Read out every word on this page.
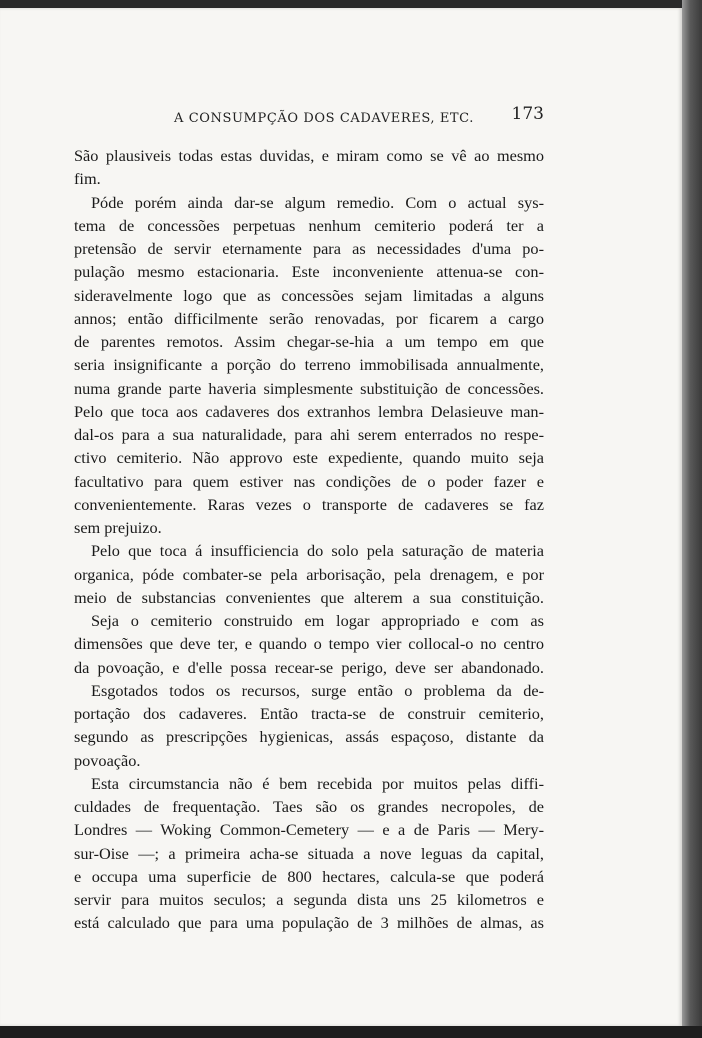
A CONSUMPÇÃO DOS CADAVERES, ETC. 173
São plausiveis todas estas duvidas, e miram como se vê ao mesmo
fim.
Póde porém ainda dar-se algum remedio. Com o actual sys-
tema de concessões perpetuas nenhum cemiterio poderá ter a
pretensão de servir eternamente para as necessidades d'uma po-
pulação mesmo estacionaria. Este inconveniente attenua-se con-
sideravelmente logo que as concessões sejam limitadas a alguns
annos; então difficilmente serão renovadas, por ficarem a cargo
de parentes remotos. Assim chegar-se-hia a um tempo em que
seria insignificante a porção do terreno immobilisada annualmente,
numa grande parte haveria simplesmente substituição de concessões.
Pelo que toca aos cadaveres dos extranhos lembra Delasieuve man-
dal-os para a sua naturalidade, para ahi serem enterrados no respe-
ctivo cemiterio. Não approvo este expediente, quando muito seja
facultativo para quem estiver nas condições de o poder fazer e
convenientemente. Raras vezes o transporte de cadaveres se faz
sem prejuizo.
Pelo que toca á insufficiencia do solo pela saturação de materia
organica, póde combater-se pela arborisação, pela drenagem, e por
meio de substancias convenientes que alterem a sua constituição.
Seja o cemiterio construido em logar appropriado e com as
dimensões que deve ter, e quando o tempo vier collocal-o no centro
da povoação, e d'elle possa recear-se perigo, deve ser abandonado.
Esgotados todos os recursos, surge então o problema da de-
portação dos cadaveres. Então tracta-se de construir cemiterio,
segundo as prescripções hygienicas, assás espaçoso, distante da
povoação.
Esta circumstancia não é bem recebida por muitos pelas diffi-
culdades de frequentação. Taes são os grandes necropoles, de
Londres — Woking Common-Cemetery — e a de Paris — Mery-
sur-Oise —; a primeira acha-se situada a nove leguas da capital,
e occupa uma superficie de 800 hectares, calcula-se que poderá
servir para muitos seculos; a segunda dista uns 25 kilometros e
está calculado que para uma população de 3 milhões de almas, as
